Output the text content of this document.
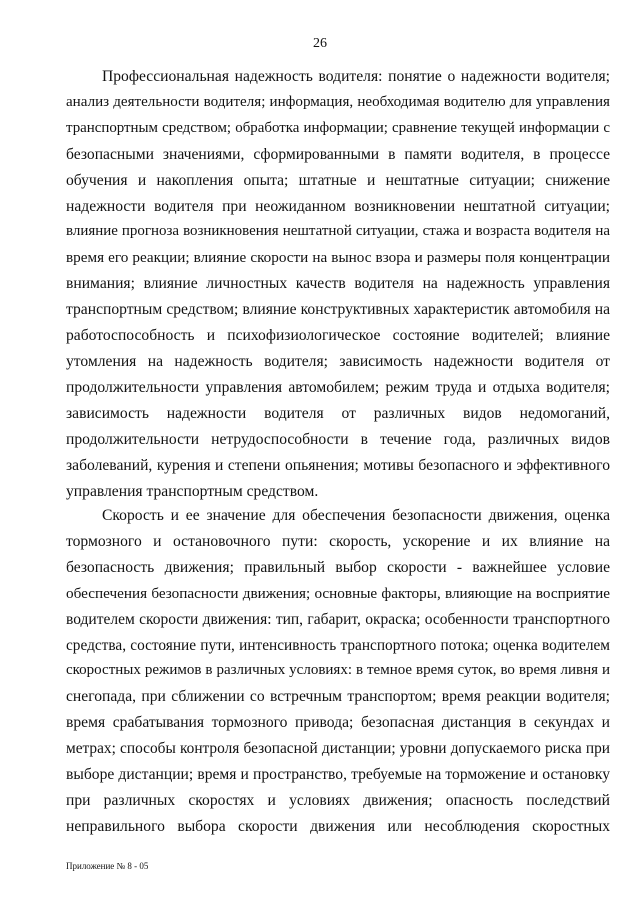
26
Профессиональная надежность водителя: понятие о надежности водителя;
анализ деятельности водителя; информация, необходимая водителю для управления
транспортным средством; обработка информации; сравнение текущей информации с
безопасными значениями, сформированными в памяти водителя, в процессе
обучения и накопления опыта; штатные и нештатные ситуации; снижение
надежности водителя при неожиданном возникновении нештатной ситуации;
влияние прогноза возникновения нештатной ситуации, стажа и возраста водителя на
время его реакции; влияние скорости на вынос взора и размеры поля концентрации
внимания; влияние личностных качеств водителя на надежность управления
транспортным средством; влияние конструктивных характеристик автомобиля на
работоспособность и психофизиологическое состояние водителей; влияние
утомления на надежность водителя; зависимость надежности водителя от
продолжительности управления автомобилем; режим труда и отдыха водителя;
зависимость надежности водителя от различных видов недомоганий,
продолжительности нетрудоспособности в течение года, различных видов
заболеваний, курения и степени опьянения; мотивы безопасного и эффективного
управления транспортным средством.
Скорость и ее значение для обеспечения безопасности движения, оценка
тормозного и остановочного пути: скорость, ускорение и их влияние на
безопасность движения; правильный выбор скорости - важнейшее условие
обеспечения безопасности движения; основные факторы, влияющие на восприятие
водителем скорости движения: тип, габарит, окраска; особенности транспортного
средства, состояние пути, интенсивность транспортного потока; оценка водителем
скоростных режимов в различных условиях: в темное время суток, во время ливня и
снегопада, при сближении со встречным транспортом; время реакции водителя;
время срабатывания тормозного привода; безопасная дистанция в секундах и
метрах; способы контроля безопасной дистанции; уровни допускаемого риска при
выборе дистанции; время и пространство, требуемые на торможение и остановку
при различных скоростях и условиях движения; опасность последствий
неправильного выбора скорости движения или несоблюдения скоростных
Приложение № 8 - 05
